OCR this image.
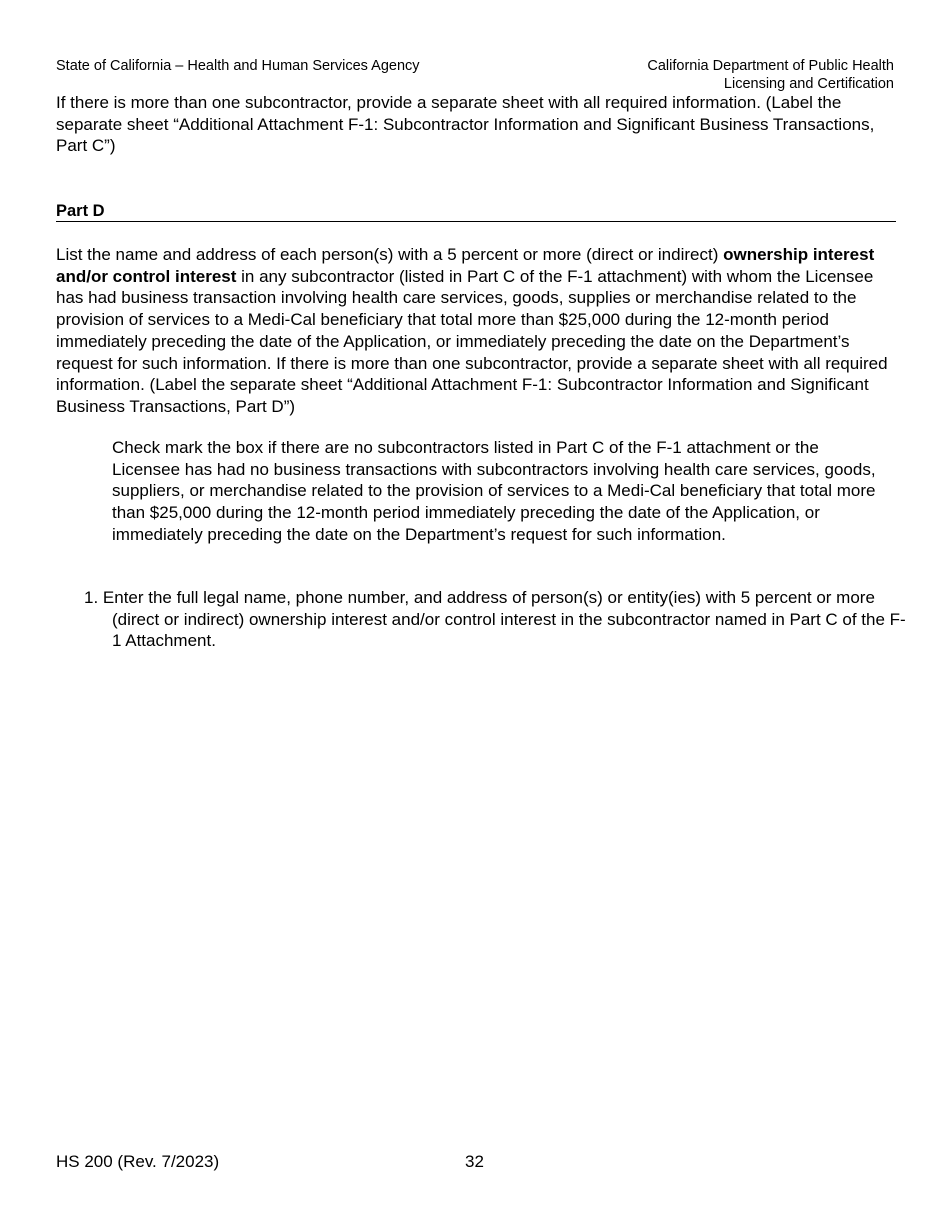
State of California – Health and Human Services Agency	California Department of Public Health
Licensing and Certification
If there is more than one subcontractor, provide a separate sheet with all required information. (Label the separate sheet “Additional Attachment F-1: Subcontractor Information and Significant Business Transactions, Part C”)
Part D
List the name and address of each person(s) with a 5 percent or more (direct or indirect) ownership interest and/or control interest in any subcontractor (listed in Part C of the F-1 attachment) with whom the Licensee has had business transaction involving health care services, goods, supplies or merchandise related to the provision of services to a Medi-Cal beneficiary that total more than $25,000 during the 12-month period immediately preceding the date of the Application, or immediately preceding the date on the Department’s request for such information. If there is more than one subcontractor, provide a separate sheet with all required information. (Label the separate sheet “Additional Attachment F-1: Subcontractor Information and Significant Business Transactions, Part D”)
Check mark the box if there are no subcontractors listed in Part C of the F-1 attachment or the Licensee has had no business transactions with subcontractors involving health care services, goods, suppliers, or merchandise related to the provision of services to a Medi-Cal beneficiary that total more than $25,000 during the 12-month period immediately preceding the date of the Application, or immediately preceding the date on the Department’s request for such information.
1. Enter the full legal name, phone number, and address of person(s) or entity(ies) with 5 percent or more (direct or indirect) ownership interest and/or control interest in the subcontractor named in Part C of the F-1 Attachment.
HS 200 (Rev. 7/2023)	32
